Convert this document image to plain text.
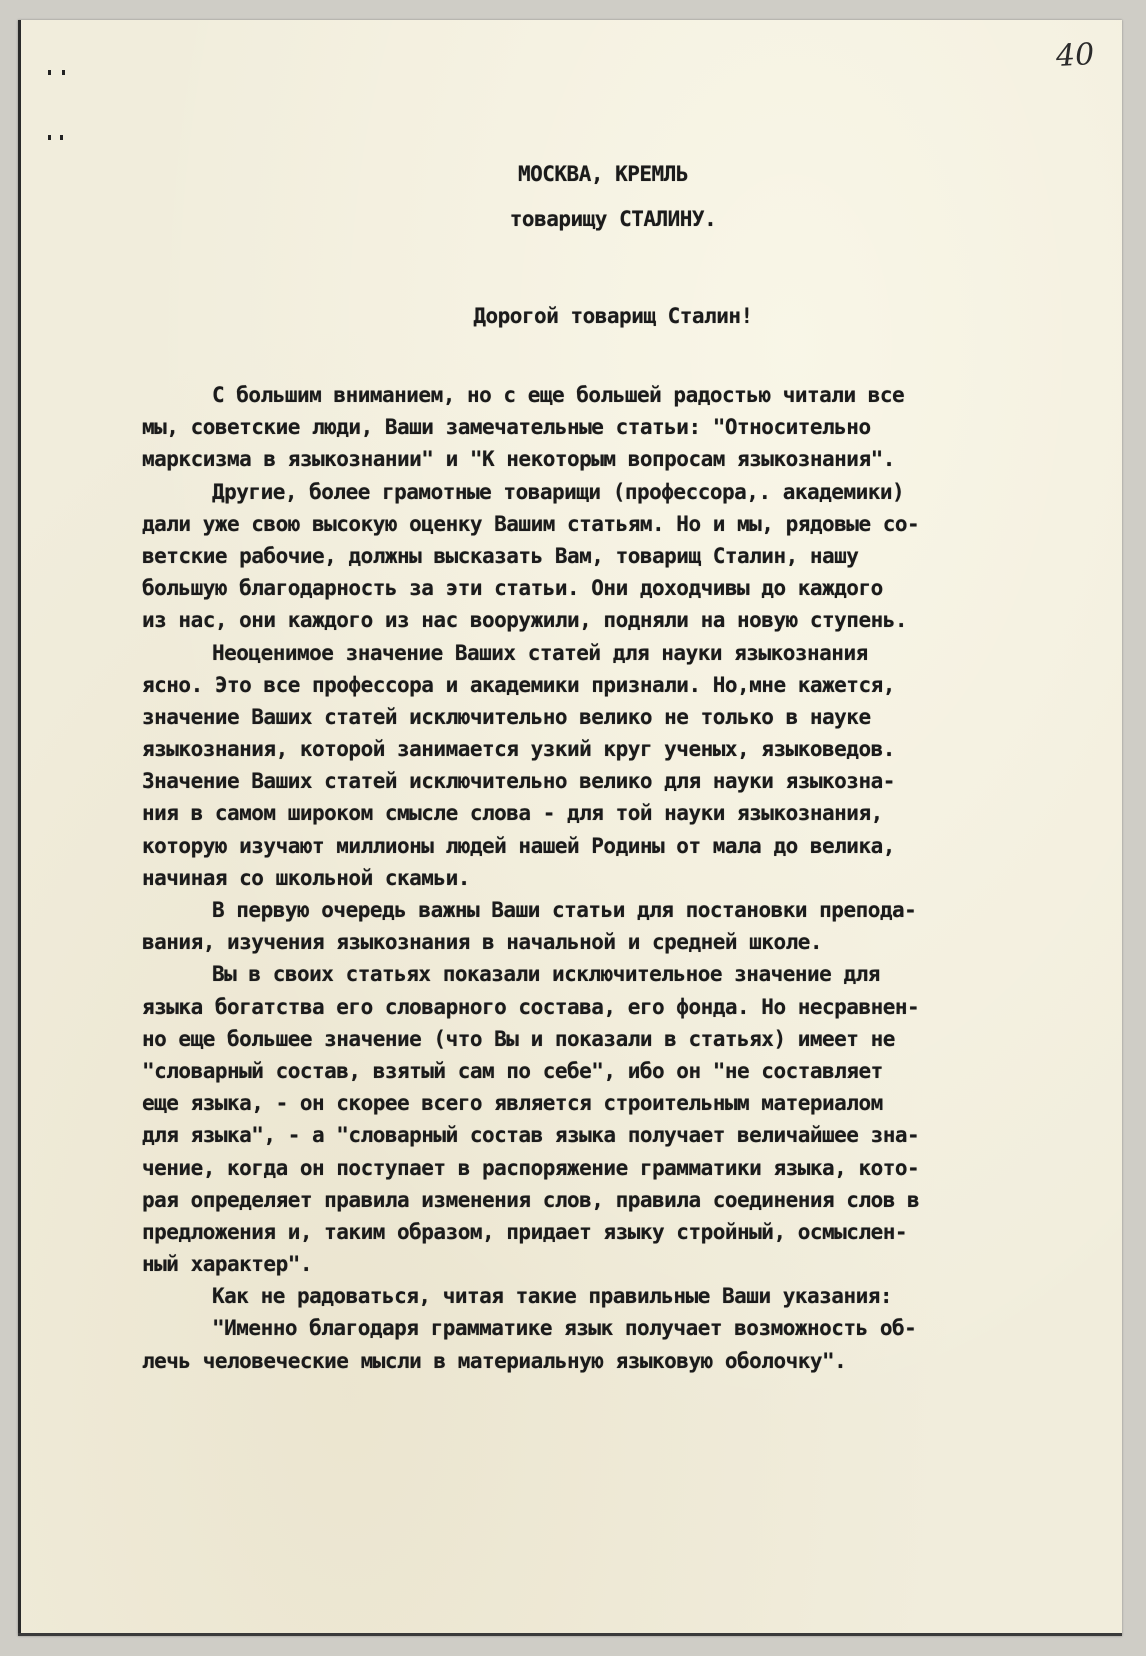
40
МОСКВА, КРЕМЛЬ
товарищу СТАЛИНУ.
Дорогой товарищ Сталин!
С большим вниманием, но с еще большей радостью читали все
мы, советские люди, Ваши замечательные статьи: "Относительно
марксизма в языкознании" и "К некоторым вопросам языкознания".
Другие, более грамотные товарищи (профессора,. академики)
дали уже свою высокую оценку Вашим статьям. Но и мы, рядовые со-
ветские рабочие, должны высказать Вам, товарищ Сталин, нашу
большую благодарность за эти статьи. Они доходчивы до каждого
из нас, они каждого из нас вооружили, подняли на новую ступень.
Неоценимое значение Ваших статей для науки языкознания
ясно. Это все профессора и академики признали. Но,мне кажется,
значение Ваших статей исключительно велико не только в науке
языкознания, которой занимается узкий круг ученых, языковедов.
Значение Ваших статей исключительно велико для науки языкозна-
ния в самом широком смысле слова - для той науки языкознания,
которую изучают миллионы людей нашей Родины от мала до велика,
начиная со школьной скамьи.
В первую очередь важны Ваши статьи для постановки препода-
вания, изучения языкознания в начальной и средней школе.
Вы в своих статьях показали исключительное значение для
языка богатства его словарного состава, его фонда. Но несравнен-
но еще большее значение (что Вы и показали в статьях) имеет не
"словарный состав, взятый сам по себе", ибо он "не составляет
еще языка, - он скорее всего является строительным материалом
для языка", - а "словарный состав языка получает величайшее зна-
чение, когда он поступает в распоряжение грамматики языка, кото-
рая определяет правила изменения слов, правила соединения слов в
предложения и, таким образом, придает языку стройный, осмыслен-
ный характер".
Как не радоваться, читая такие правильные Ваши указания:
"Именно благодаря грамматике язык получает возможность об-
лечь человеческие мысли в материальную языковую оболочку".
